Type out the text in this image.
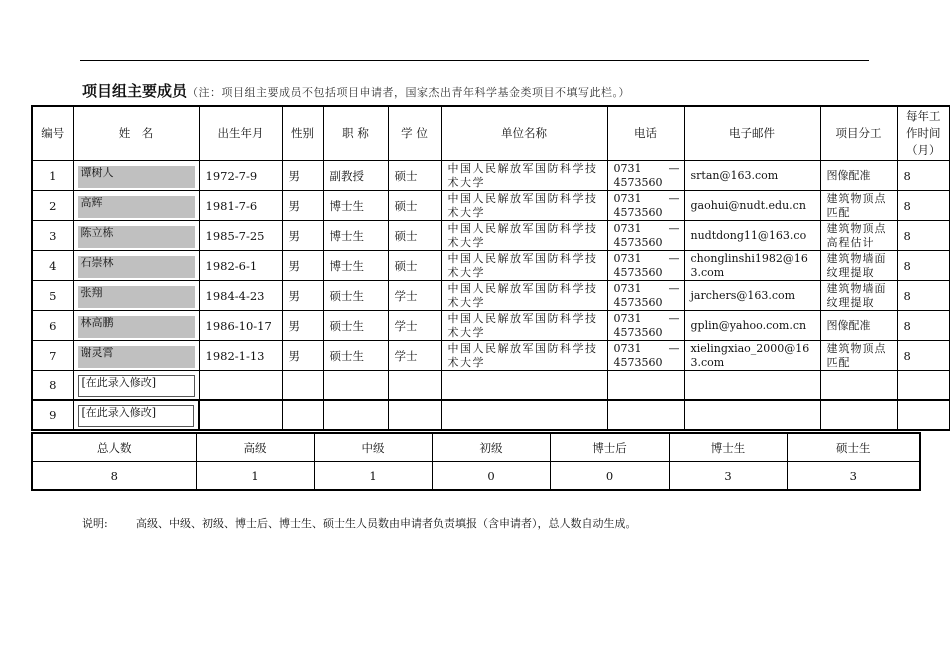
项目组主要成员（注：项目组主要成员不包括项目申请者，国家杰出青年科学基金类项目不填写此栏。）
编号	姓　名	出生年月	性别	职 称	学 位	单位名称	电话	电子邮件	项目分工	每年工作时间（月）
1	谭树人	1972-7-9	男	副教授	硕士	中国人民解放军国防科学技术大学	0731 —
4573560	srtan@163.com	图像配准	8
2	高辉	1981-7-6	男	博士生	硕士	中国人民解放军国防科学技术大学	0731 —
4573560	gaohui@nudt.edu.cn	建筑物顶点匹配	8
3	陈立栋	1985-7-25	男	博士生	硕士	中国人民解放军国防科学技术大学	0731 —
4573560	nudtdong11@163.co	建筑物顶点高程估计	8
4	石崇林	1982-6-1	男	博士生	硕士	中国人民解放军国防科学技术大学	0731 —
4573560	chonglinshi1982@163.com	建筑物墙面纹理提取	8
5	张翔	1984-4-23	男	硕士生	学士	中国人民解放军国防科学技术大学	0731 —
4573560	jarchers@163.com	建筑物墙面纹理提取	8
6	林高鹏	1986-10-17	男	硕士生	学士	中国人民解放军国防科学技术大学	0731 —
4573560	gplin@yahoo.com.cn	图像配准	8
7	谢灵霄	1982-1-13	男	硕士生	学士	中国人民解放军国防科学技术大学	0731 —
4573560	xielingxiao_2000@163.com	建筑物顶点匹配	8
8	[在此录入修改]									

9	[在此录入修改]									

总人数	高级	中级	初级	博士后	博士生	硕士生
8	1	1	0	0	3	3
说明:	高级、中级、初级、博士后、博士生、硕士生人员数由申请者负责填报（含申请者），总人数自动生成。
